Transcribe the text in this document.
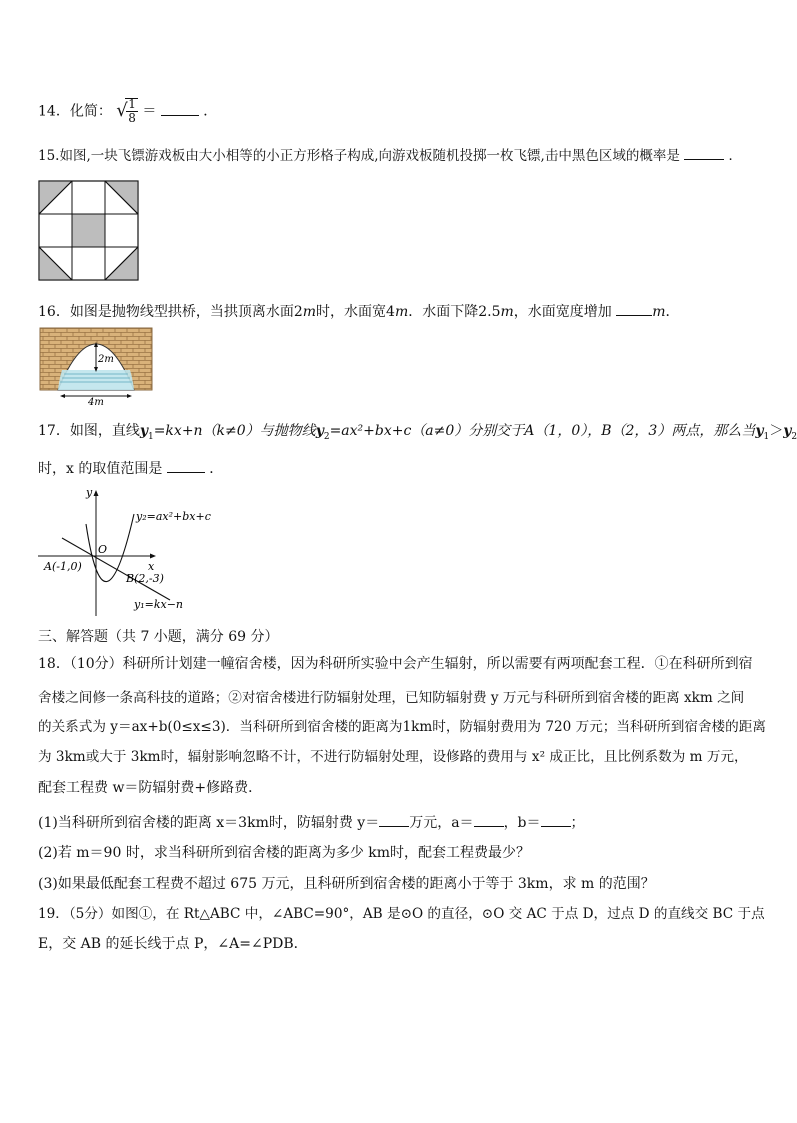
14．化简： √
$\frac{1}{8}$ ＝	．
15.如图,一块飞镖游戏板由大小相等的小正方形格子构成,向游戏板随机投掷一枚飞镖,击中黑色区域的概率是	．
16．如图是抛物线型拱桥，当拱顶离水面2m时，水面宽4m．水面下降2.5m，水面宽度增加	m．
2m
4m
17．如图，直线$y_1=kx+n(k\ne 0)$与抛物线$y_2=ax^2+bx+c(a\ne 0)$分别交于A（1，0），B（2，3）两点，那么当$y_1>y_2$
时，x 的取值范围是	．
y
x
O
y₂=ax²+bx+c
y₁=kx−n
A(-1,0)
B(2,-3)
三、解答题（共 7 小题，满分 69 分）
18．（10分）科研所计划建一幢宿舍楼，因为科研所实验中会产生辐射，所以需要有两项配套工程．①在科研所到宿
舍楼之间修一条高科技的道路；②对宿舍楼进行防辐射处理，已知防辐射费 y 万元与科研所到宿舍楼的距离 xkm 之间
的关系式为 y＝ax+b(0≤x≤3)．当科研所到宿舍楼的距离为1km时，防辐射费用为 720 万元；当科研所到宿舍楼的距离
为 3km或大于 3km时，辐射影响忽略不计，不进行防辐射处理，设修路的费用与 x² 成正比，且比例系数为 m 万元，
配套工程费 w＝防辐射费+修路费．
(1)当科研所到宿舍楼的距离 x＝3km时，防辐射费 y＝ 万元，a＝ ，b＝ ；
(2)若 m＝90 时，求当科研所到宿舍楼的距离为多少 km时，配套工程费最少？
(3)如果最低配套工程费不超过 675 万元，且科研所到宿舍楼的距离小于等于 3km，求 m 的范围？
19．（5分）如图①，在 Rt△ABC 中，∠ABC=90°，AB 是⊙O 的直径，⊙O 交 AC 于点 D，过点 D 的直线交 BC 于点
E，交 AB 的延长线于点 P，∠A=∠PDB．
